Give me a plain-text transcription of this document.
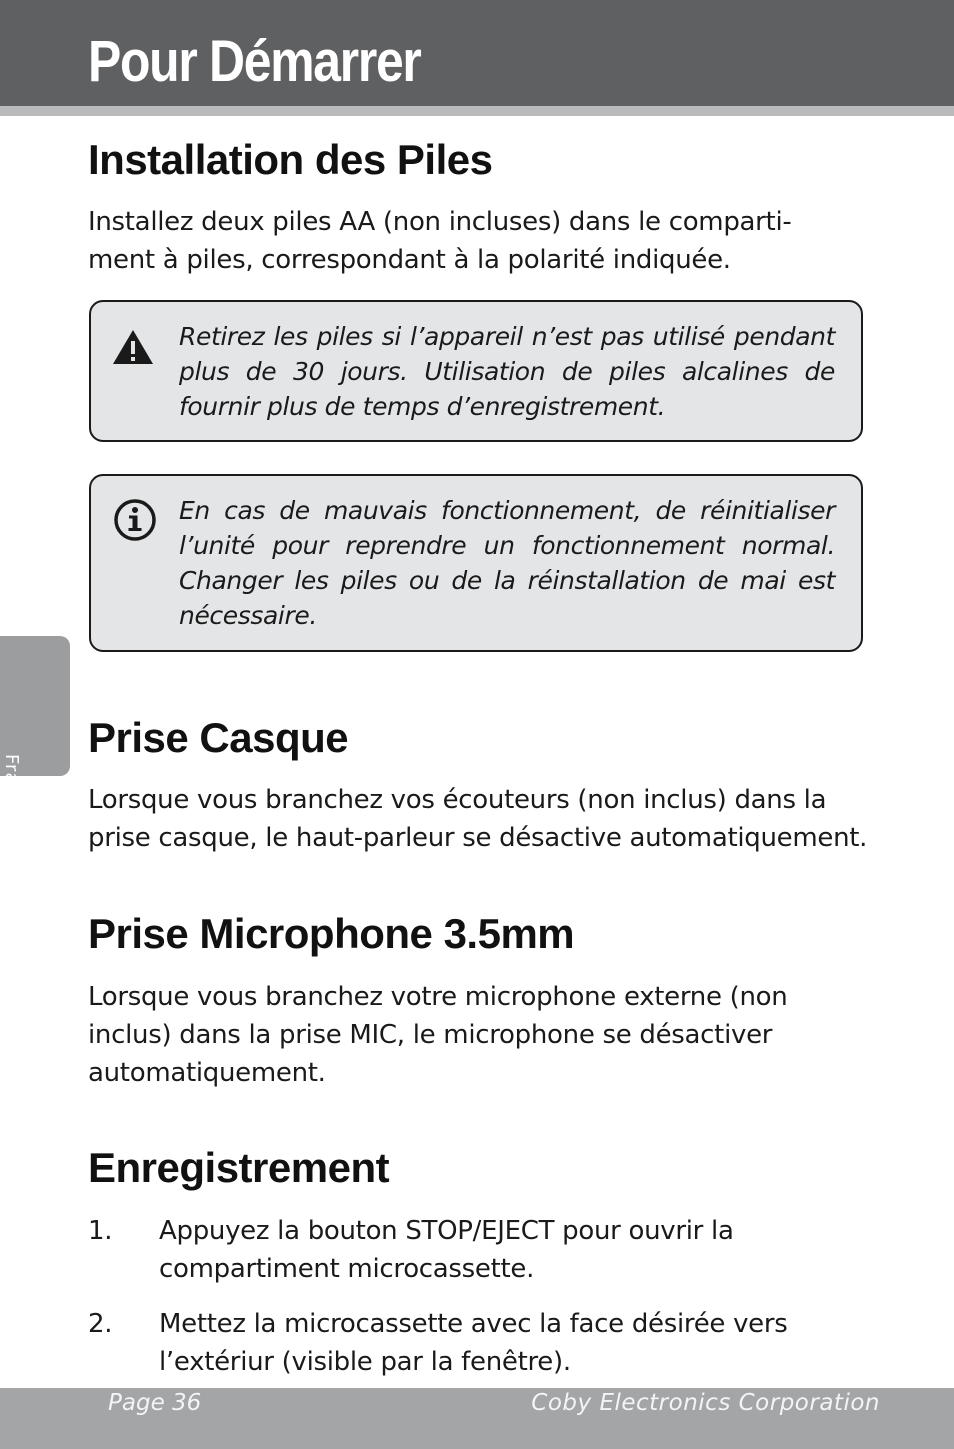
Pour Démarrer
Français
Installation des Piles

Installez deux piles AA (non incluses) dans le comparti-
ment à piles, correspondant à la polarité indiquée.

Retirez les piles si l’appareil n’est pas utilisé pendant plus de 30 jours. Utilisation de piles alcalines de fournir plus de temps d’enregistrement.
En cas de mauvais fonctionnement, de réinitialiser l’unité pour reprendre un fonctionnement normal. Changer les piles ou de la réinstallation de mai est nécessaire.
Prise Casque

Lorsque vous branchez vos écouteurs (non inclus) dans la
prise casque, le haut-parleur se désactive automatiquement.

Prise Microphone 3.5mm

Lorsque vous branchez votre microphone externe (non
inclus) dans la prise MIC, le microphone se désactiver
automatiquement.

Enregistrement
1. Appuyez la bouton STOP/EJECT pour ouvrir la
compartiment microcassette.
2. Mettez la microcassette avec la face désirée vers
l’extériur (visible par la fenêtre).
Page 36	Coby Electronics Corporation
